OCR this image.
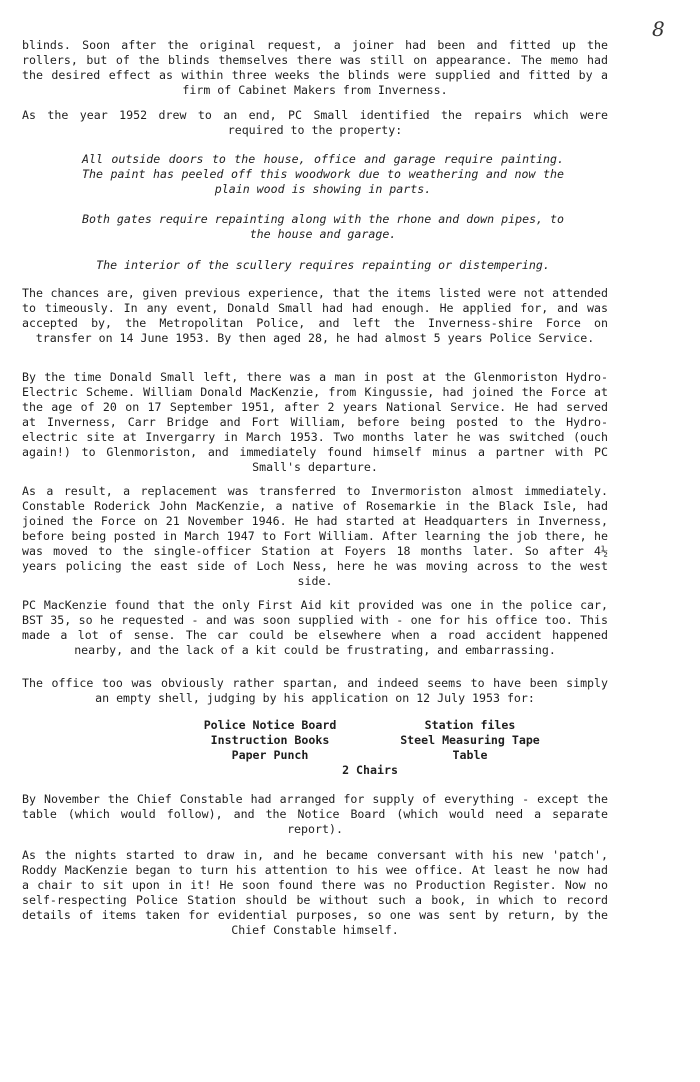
8

blinds. Soon after the original request, a joiner had been and fitted up the rollers, but of the blinds themselves there was still on appearance. The memo had the desired effect as within three weeks the blinds were supplied and fitted by a firm of Cabinet Makers from Inverness.

As the year 1952 drew to an end, PC Small identified the repairs which were required to the property:

All outside doors to the house, office and garage require painting. The paint has peeled off this woodwork due to weathering and now the plain wood is showing in parts.

Both gates require repainting along with the rhone and down pipes, to the house and garage.

The interior of the scullery requires repainting or distempering.

The chances are, given previous experience, that the items listed were not attended to timeously. In any event, Donald Small had had enough. He applied for, and was accepted by, the Metropolitan Police, and left the Inverness-shire Force on transfer on 14 June 1953. By then aged 28, he had almost 5 years Police Service.

By the time Donald Small left, there was a man in post at the Glenmoriston Hydro-Electric Scheme. William Donald MacKenzie, from Kingussie, had joined the Force at the age of 20 on 17 September 1951, after 2 years National Service. He had served at Inverness, Carr Bridge and Fort William, before being posted to the Hydro-electric site at Invergarry in March 1953. Two months later he was switched (ouch again!) to Glenmoriston, and immediately found himself minus a partner with PC Small's departure.

As a result, a replacement was transferred to Invermoriston almost immediately. Constable Roderick John MacKenzie, a native of Rosemarkie in the Black Isle, had joined the Force on 21 November 1946. He had started at Headquarters in Inverness, before being posted in March 1947 to Fort William. After learning the job there, he was moved to the single-officer Station at Foyers 18 months later. So after 4½ years policing the east side of Loch Ness, here he was moving across to the west side.

PC MacKenzie found that the only First Aid kit provided was one in the police car, BST 35, so he requested - and was soon supplied with - one for his office too. This made a lot of sense. The car could be elsewhere when a road accident happened nearby, and the lack of a kit could be frustrating, and embarrassing.

The office too was obviously rather spartan, and indeed seems to have been simply an empty shell, judging by his application on 12 July 1953 for:

Police Notice Board	Station files
Instruction Books	Steel Measuring Tape
Paper Punch	Table
2 Chairs

By November the Chief Constable had arranged for supply of everything - except the table (which would follow), and the Notice Board (which would need a separate report).

As the nights started to draw in, and he became conversant with his new 'patch', Roddy MacKenzie began to turn his attention to his wee office. At least he now had a chair to sit upon in it! He soon found there was no Production Register. Now no self-respecting Police Station should be without such a book, in which to record details of items taken for evidential purposes, so one was sent by return, by the Chief Constable himself.
